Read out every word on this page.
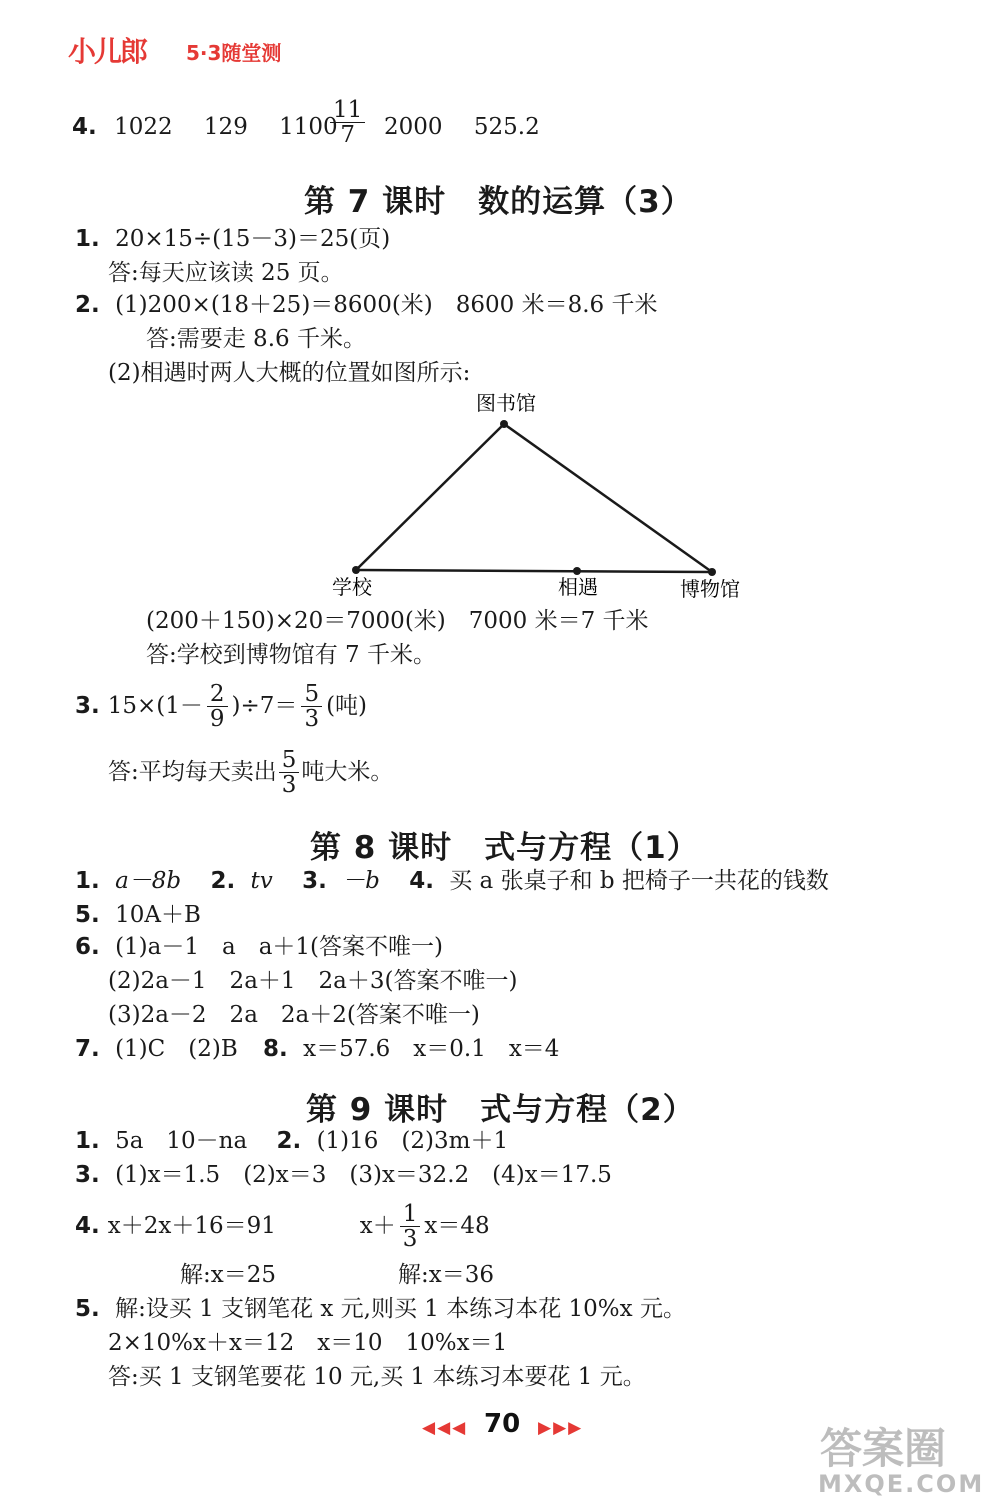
小儿郎 5·3随堂测
4. 1022 129 1100
$\frac{11}{7} 2000$ 525.2
第 7 课时　数的运算（3）
1. 20×15÷(15－3)＝25(页)
答:每天应该读 25 页。
2. (1)200×(18＋25)＝8600(米)　8600 米＝8.6 千米
答:需要走 8.6 千米。
(2)相遇时两人大概的位置如图所示:
图书馆
学校	相遇	博物馆
(200＋150)×20＝7000(米)　7000 米＝7 千米
答:学校到博物馆有 7 千米。
3. $15\times(1- \frac{2}{9} )\div 7= \frac{5}{3}$ (吨)
答:平均每天卖出 $\frac{5}{3}$ 吨大米。
第 8 课时　式与方程（1）
1. a－8b 2. tv 3. －b 4. 买 a 张桌子和 b 把椅子一共花的钱数
5. 10A＋B
6. (1)a－1　a　a＋1(答案不唯一)
(2)2a－1　2a＋1　2a＋3(答案不唯一)
(3)2a－2　2a　2a＋2(答案不唯一)
7. (1)C　(2)B 8. x＝57.6　x＝0.1　x＝4
第 9 课时　式与方程（2）
1. 5a　10－na 2. (1)16　(2)3m＋1
3. (1)x＝1.5　(2)x＝3　(3)x＝32.2　(4)x＝17.5
4. x＋2x＋16＝91	$x+ \frac{1}{3} x=48$
解:x＝25	解:x＝36
5. 解:设买 1 支钢笔花 x 元,则买 1 本练习本花 10%x 元。
2×10%x＋x＝12　x＝10　10%x＝1
答:买 1 支钢笔要花 10 元,买 1 本练习本要花 1 元。
◀◀◀ 70 ▶▶▶	答案圈
MXQE.COM
